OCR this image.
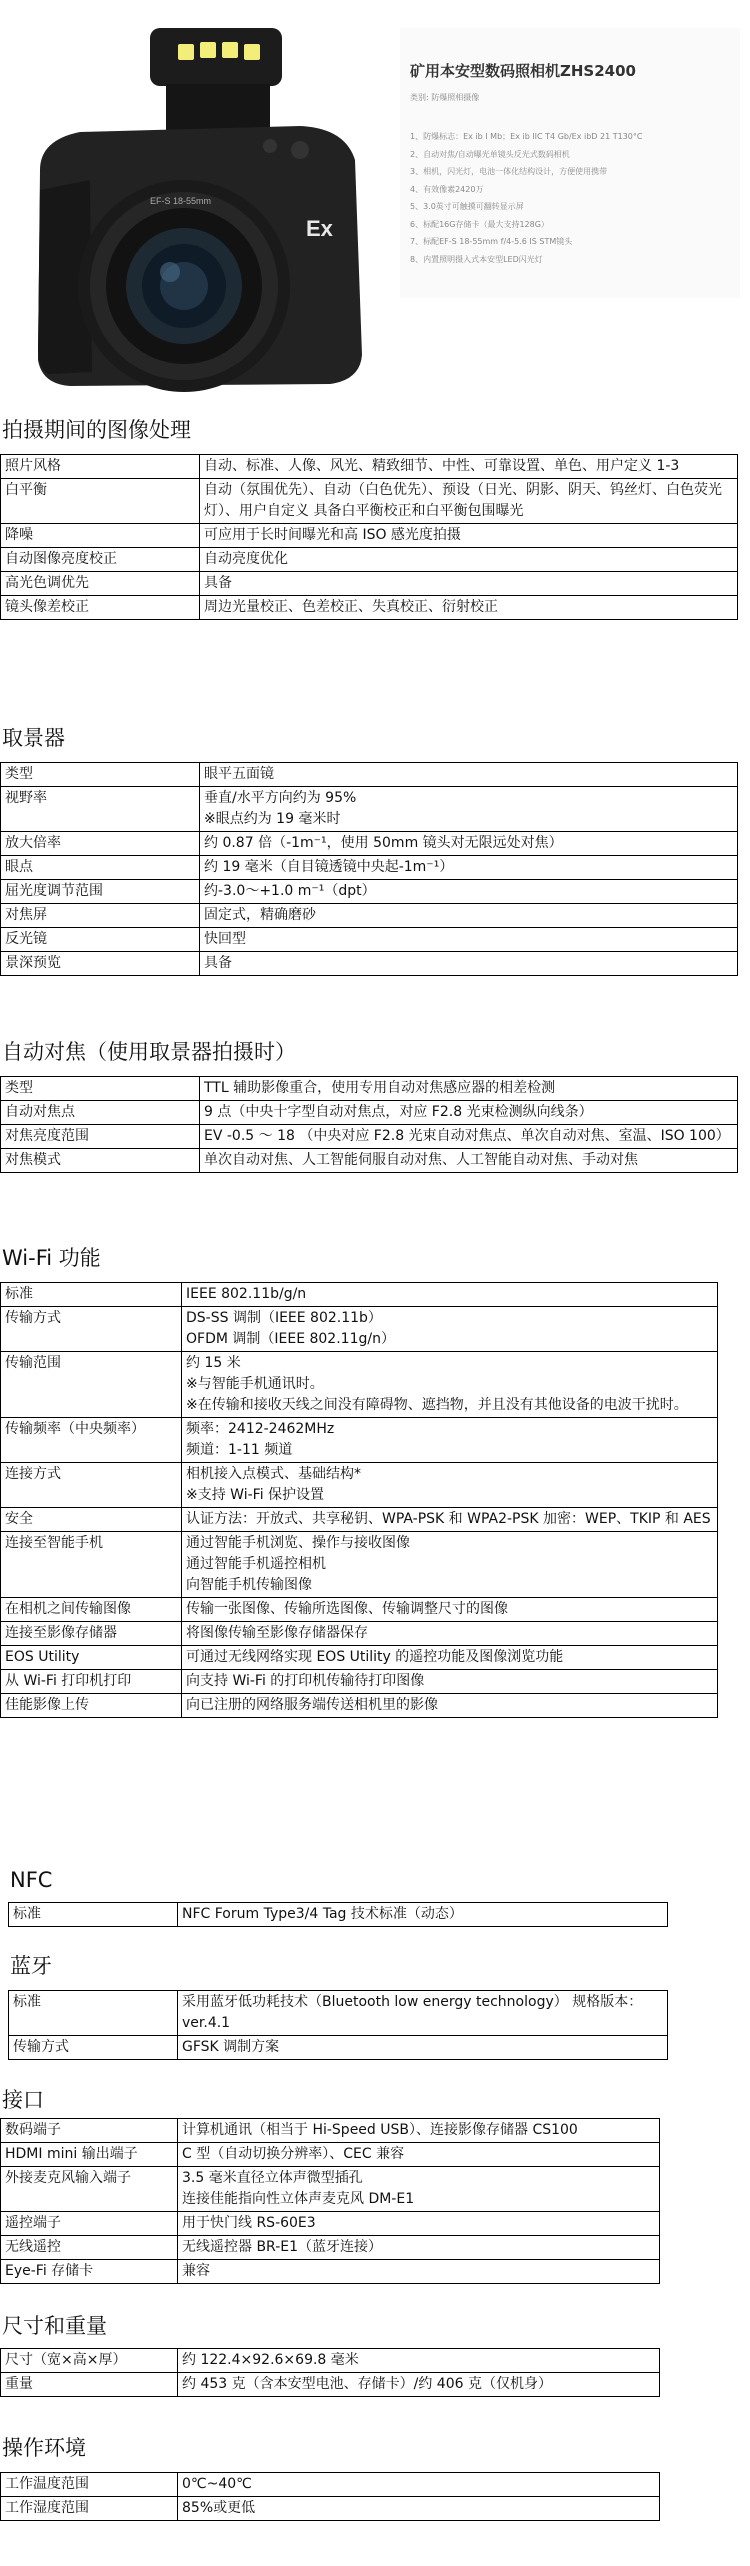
Ex
EF-S 18-55mm
矿用本安型数码照相机ZHS2400
类别: 防爆照相摄像
1、防爆标志：Ex ib I Mb；Ex ib IIC T4 Gb/Ex ibD 21 T130°C
2、自动对焦/自动曝光单镜头反光式数码相机
3、相机，闪光灯，电池一体化结构设计，方便使用携带
4、有效像素2420万
5、3.0英寸可触摸可翻转显示屏
6、标配16G存储卡（最大支持128G）
7、标配EF-S 18-55mm f/4-5.6 IS STM镜头
8、内置照明摄入式本安型LED闪光灯
拍摄期间的图像处理
照片风格	自动、标准、人像、风光、精致细节、中性、可靠设置、单色、用户定义 1-3

白平衡	自动（氛围优先）、自动（白色优先）、预设（日光、阴影、阴天、钨丝灯、白色荧光灯）、用户自定义 具备白平衡校正和白平衡包围曝光

降噪	可应用于长时间曝光和高 ISO 感光度拍摄

自动图像亮度校正	自动亮度优化

高光色调优先	具备

镜头像差校正	周边光量校正、色差校正、失真校正、衍射校正
取景器
类型	眼平五面镜

视野率	垂直/水平方向约为 95%
※眼点约为 19 毫米时

放大倍率	约 0.87 倍（-1m⁻¹，使用 50mm 镜头对无限远处对焦）

眼点	约 19 毫米（自目镜透镜中央起-1m⁻¹）

屈光度调节范围	约-3.0～+1.0 m⁻¹（dpt）

对焦屏	固定式，精确磨砂

反光镜	快回型

景深预览	具备
自动对焦（使用取景器拍摄时）
类型	TTL 辅助影像重合，使用专用自动对焦感应器的相差检测

自动对焦点	9 点（中央十字型自动对焦点，对应 F2.8 光束检测纵向线条）

对焦亮度范围	EV -0.5 ～ 18 （中央对应 F2.8 光束自动对焦点、单次自动对焦、室温、ISO 100）

对焦模式	单次自动对焦、人工智能伺服自动对焦、人工智能自动对焦、手动对焦
Wi-Fi 功能
标准	IEEE 802.11b/g/n

传输方式	DS-SS 调制（IEEE 802.11b）
OFDM 调制（IEEE 802.11g/n）

传输范围	约 15 米
※与智能手机通讯时。
※在传输和接收天线之间没有障碍物、遮挡物，并且没有其他设备的电波干扰时。

传输频率（中央频率）	频率：2412-2462MHz
频道：1-11 频道

连接方式	相机接入点模式、基础结构*
※支持 Wi-Fi 保护设置

安全	认证方法：开放式、共享秘钥、WPA-PSK 和 WPA2-PSK 加密：WEP、TKIP 和 AES

连接至智能手机	通过智能手机浏览、操作与接收图像
通过智能手机遥控相机
向智能手机传输图像

在相机之间传输图像	传输一张图像、传输所选图像、传输调整尺寸的图像

连接至影像存储器	将图像传输至影像存储器保存

EOS Utility	可通过无线网络实现 EOS Utility 的遥控功能及图像浏览功能

从 Wi-Fi 打印机打印	向支持 Wi-Fi 的打印机传输待打印图像

佳能影像上传	向已注册的网络服务端传送相机里的影像
NFC
标准	NFC Forum Type3/4 Tag 技术标准（动态）
蓝牙
标准	采用蓝牙低功耗技术（Bluetooth low energy technology） 规格版本：ver.4.1

传输方式	GFSK 调制方案
接口
数码端子	计算机通讯（相当于 Hi-Speed USB）、连接影像存储器 CS100

HDMI mini 输出端子	C 型（自动切换分辨率）、CEC 兼容

外接麦克风输入端子	3.5 毫米直径立体声微型插孔
连接佳能指向性立体声麦克风 DM-E1

遥控端子	用于快门线 RS-60E3

无线遥控	无线遥控器 BR-E1（蓝牙连接）

Eye-Fi 存储卡	兼容
尺寸和重量
尺寸（宽×高×厚）	约 122.4×92.6×69.8 毫米

重量	约 453 克（含本安型电池、存储卡）/约 406 克（仅机身）
操作环境
工作温度范围	0℃~40℃

工作湿度范围	85%或更低
